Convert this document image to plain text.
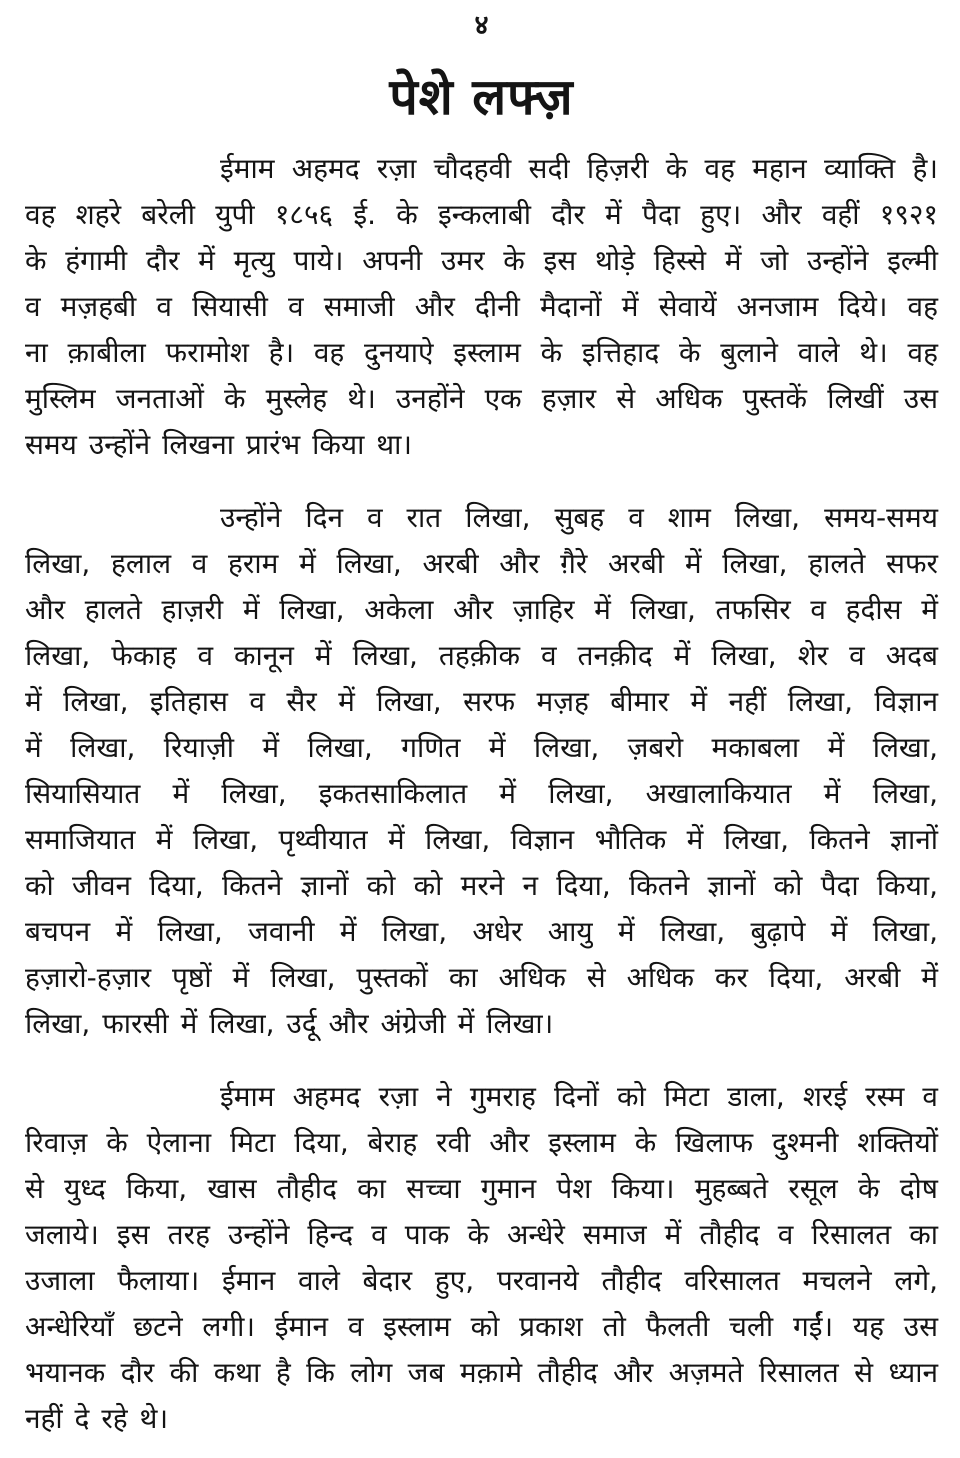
४
पेशे लफ्ज़
ईमाम अहमद रज़ा चौदहवी सदी हिज़री के वह महान व्याक्ति है।
वह शहरे बरेली युपी १८५६ ई. के इन्कलाबी दौर में पैदा हुए। और वहीं १९२१
के हंगामी दौर में मृत्यु पाये। अपनी उमर के इस थोड़े हिस्से में जो उन्होंने इल्मी
व मज़हबी व सियासी व समाजी और दीनी मैदानों में सेवायें अनजाम दिये। वह
ना क़ाबीला फरामोश है। वह दुनयाऐ इस्लाम के इत्तिहाद के बुलाने वाले थे। वह
मुस्लिम जनताओं के मुस्लेह थे। उनहोंने एक हज़ार से अधिक पुस्तकें लिखीं उस
समय उन्होंने लिखना प्रारंभ किया था।
उन्होंने दिन व रात लिखा, सुबह व शाम लिखा, समय-समय
लिखा, हलाल व हराम में लिखा, अरबी और ग़ैरे अरबी में लिखा, हालते सफर
और हालते हाज़री में लिखा, अकेला और ज़ाहिर में लिखा, तफसिर व हदीस में
लिखा, फेकाह व कानून में लिखा, तहक़ीक व तनक़ीद में लिखा, शेर व अदब
में लिखा, इतिहास व सैर में लिखा, सरफ मज़ह बीमार में नहीं लिखा, विज्ञान
में लिखा, रियाज़ी में लिखा, गणित में लिखा, ज़बरो मकाबला में लिखा,
सियासियात में लिखा, इकतसाकिलात में लिखा, अखालाकियात में लिखा,
समाजियात में लिखा, पृथ्वीयात में लिखा, विज्ञान भौतिक में लिखा, कितने ज्ञानों
को जीवन दिया, कितने ज्ञानों को को मरने न दिया, कितने ज्ञानों को पैदा किया,
बचपन में लिखा, जवानी में लिखा, अधेर आयु में लिखा, बुढ़ापे में लिखा,
हज़ारो-हज़ार पृष्ठों में लिखा, पुस्तकों का अधिक से अधिक कर दिया, अरबी में
लिखा, फारसी में लिखा, उर्दू और अंग्रेजी में लिखा।
ईमाम अहमद रज़ा ने गुमराह दिनों को मिटा डाला, शरई रस्म व
रिवाज़ के ऐलाना मिटा दिया, बेराह रवी और इस्लाम के खिलाफ दुश्मनी शक्तियों
से युध्द किया, खास तौहीद का सच्चा गुमान पेश किया। मुहब्बते रसूल के दोष
जलाये। इस तरह उन्होंने हिन्द व पाक के अन्धेरे समाज में तौहीद व रिसालत का
उजाला फैलाया। ईमान वाले बेदार हुए, परवानये तौहीद वरिसालत मचलने लगे,
अन्धेरियाँ छटने लगी। ईमान व इस्लाम को प्रकाश तो फैलती चली गईं। यह उस
भयानक दौर की कथा है कि लोग जब मक़ामे तौहीद और अज़मते रिसालत से ध्यान
नहीं दे रहे थे।
